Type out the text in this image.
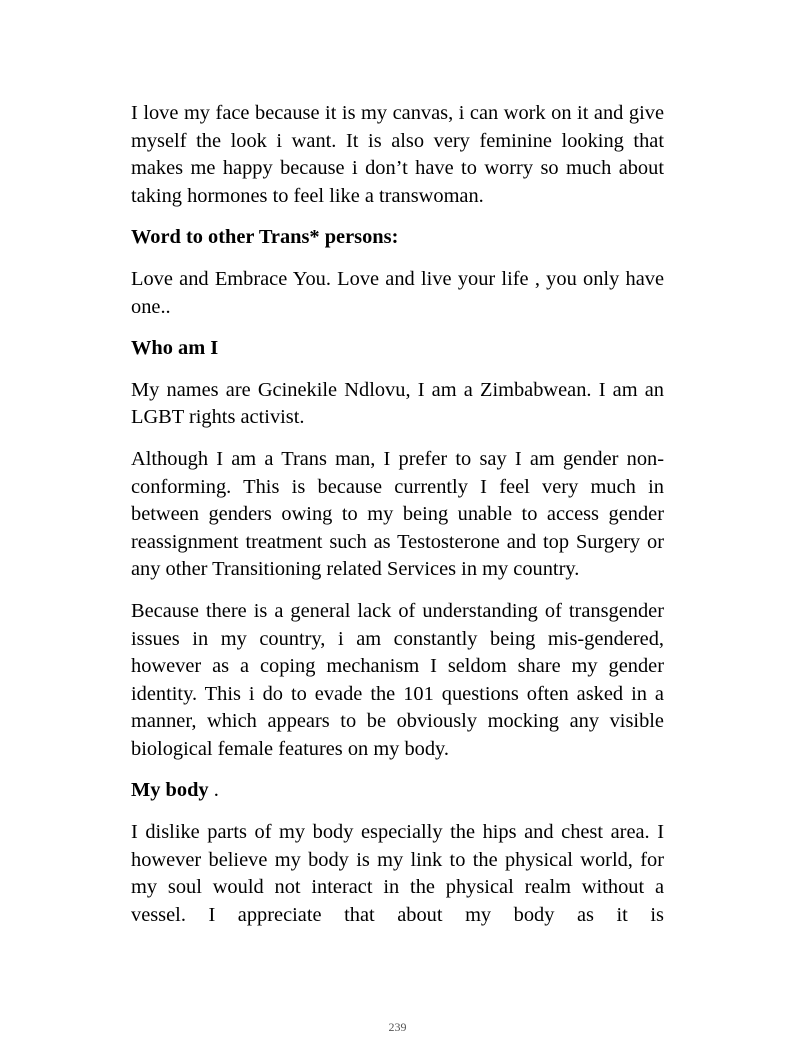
I love my face because it is my canvas, i can work on it and give myself the look i want. It is also very feminine looking that makes me happy because i don’t have to worry so much about taking hormones to feel like a transwoman.

Word to other Trans* persons:

Love and Embrace You. Love and live your life , you only have one..

Who am I

My names are Gcinekile Ndlovu, I am a Zimbabwean. I am an LGBT rights activist.

Although I am a Trans man, I prefer to say I am gender non-conforming. This is because currently I feel very much in between genders owing to my being unable to access gender reassignment treatment such as Testosterone and top Surgery or any other Transitioning related Services in my country.

Because there is a general lack of understanding of transgender issues in my country, i am constantly being mis-gendered, however as a coping mechanism I seldom share my gender identity. This i do to evade the 101 questions often asked in a manner, which appears to be obviously mocking any visible biological female features on my body.

My body .

I dislike parts of my body especially the hips and chest area. I however believe my body is my link to the physical world, for my soul would not interact in the physical realm without a vessel. I appreciate that about my body as it is

239
